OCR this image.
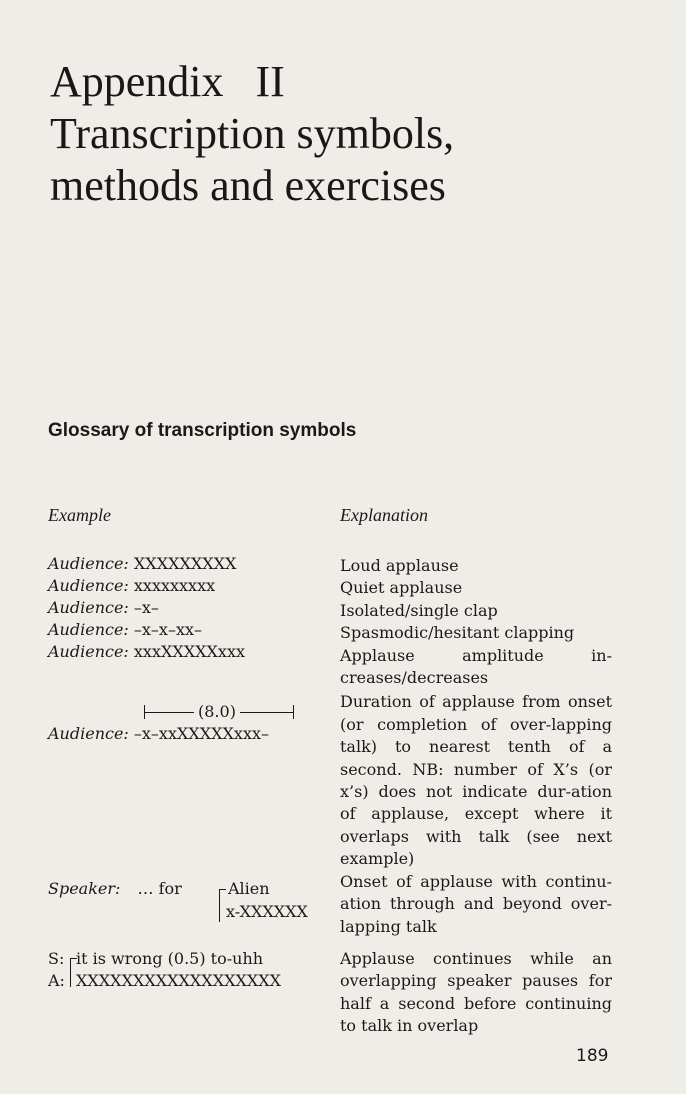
Appendix II
Transcription symbols,
methods and exercises
Glossary of transcription symbols
Example	Explanation
Audience: XXXXXXXXX
Audience: xxxxxxxxx
Audience: –x–
Audience: –x–x–xx–
Audience: xxxXXXXXxxx
(8.0)
Audience: –x–xxXXXXXxxx–
Loud applause
Quiet applause
Isolated/single clap
Spasmodic/hesitant clapping
Applause amplitude in-creases/decreases
Duration of applause from onset (or completion of over-lapping talk) to nearest tenth of a second. NB: number of X’s (or x’s) does not indicate dur-ation of applause, except where it overlaps with talk (see next example)
Onset of applause with continu-ation through and beyond over-lapping talk
Applause continues while an overlapping speaker pauses for half a second before continuing to talk in overlap
Speaker: … for	Alien
x-XXXXXX
S: it is wrong (0.5) to-uhh
A: XXXXXXXXXXXXXXXXXX
189
